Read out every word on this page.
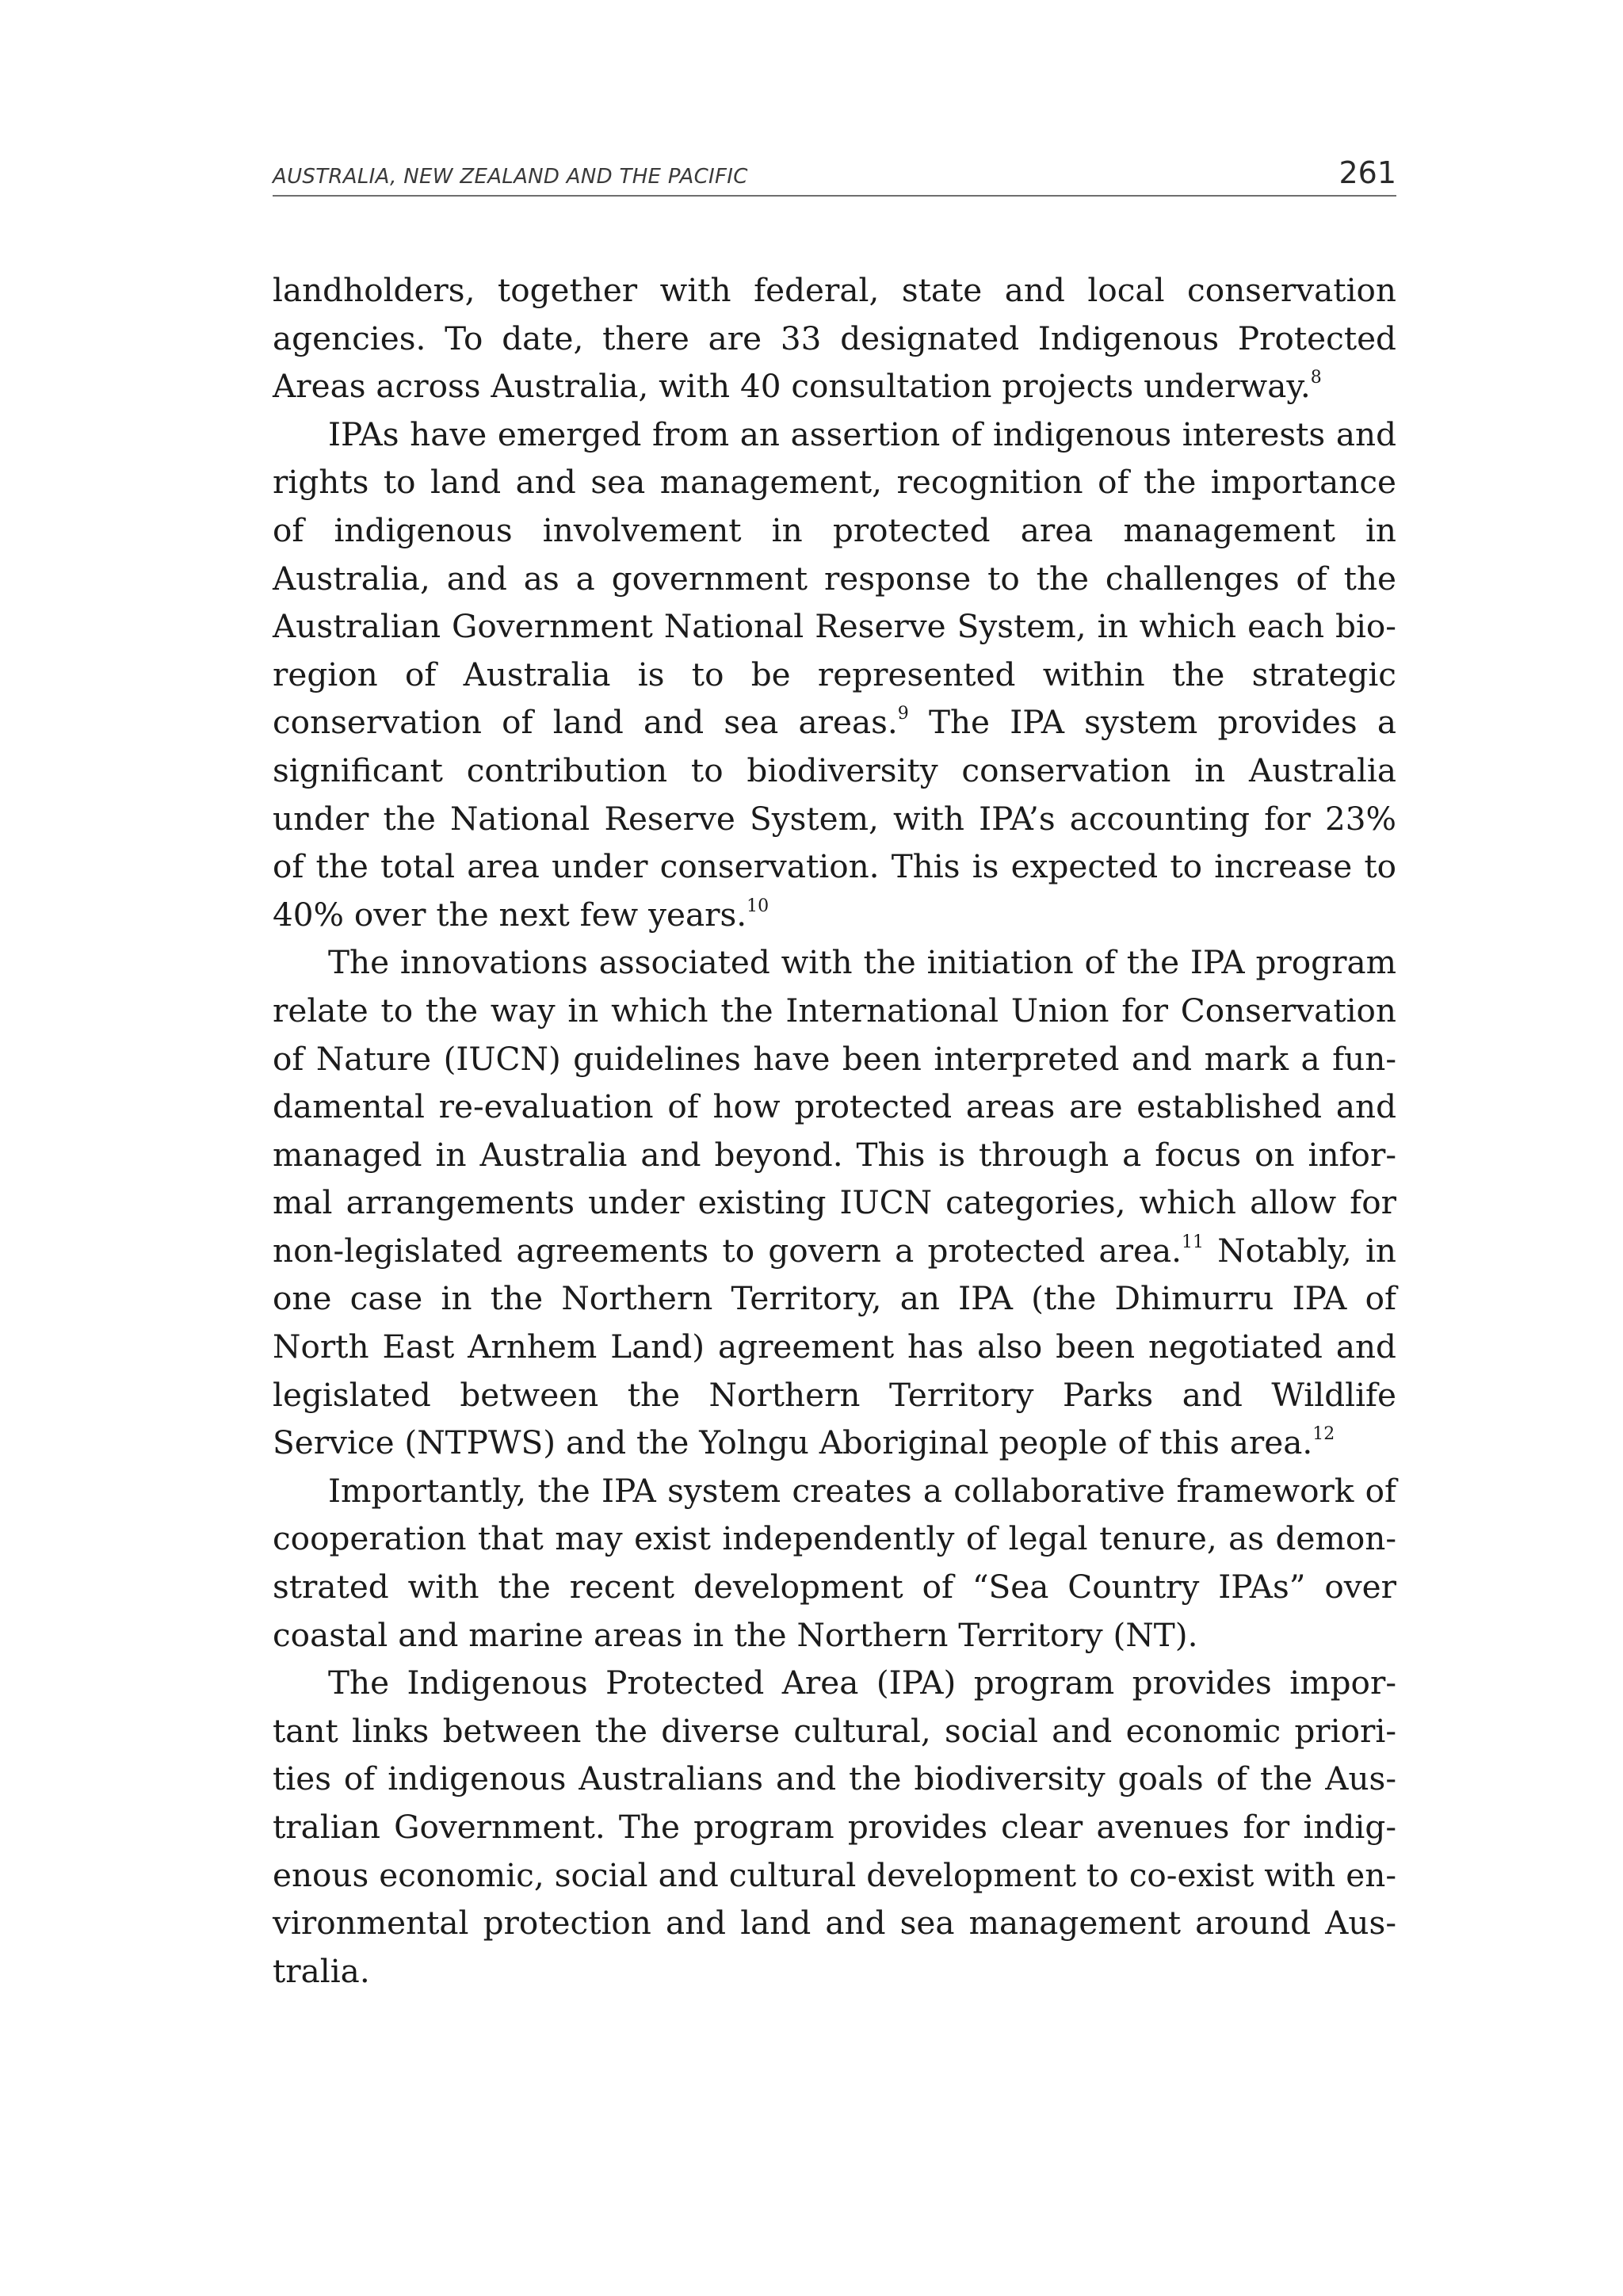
AUSTRALIA, NEW ZEALAND AND THE PACIFIC	261

landholders, together with federal, state and local conservation agencies. To date, there are 33 designated Indigenous Protected Areas across Australia, with 40 consultation projects underway.$^8$

IPAs have emerged from an assertion of indigenous interests and rights to land and sea management, recognition of the importance of indigenous involvement in protected area management in Australia, and as a government response to the challenges of the Australian Government National Reserve System, in which each bio-region of Australia is to be represented within the strategic conservation of land and sea areas.$^9$ The IPA system provides a significant contribution to biodiversity conservation in Australia under the National Reserve System, with IPA’s accounting for 23% of the total area under conservation. This is expected to increase to 40% over the next few years.$^{10}$

The innovations associated with the initiation of the IPA program relate to the way in which the International Union for Conservation of Nature (IUCN) guidelines have been interpreted and mark a fundamental re-evaluation of how protected areas are established and managed in Australia and beyond. This is through a focus on informal arrangements under existing IUCN categories, which allow for non-legislated agreements to govern a protected area.$^{11}$ Notably, in one case in the Northern Territory, an IPA (the Dhimurru IPA of North East Arnhem Land) agreement has also been negotiated and legislated between the Northern Territory Parks and Wildlife Service (NTPWS) and the Yolngu Aboriginal people of this area.$^{12}$

Importantly, the IPA system creates a collaborative framework of cooperation that may exist independently of legal tenure, as demonstrated with the recent development of “Sea Country IPAs” over coastal and marine areas in the Northern Territory (NT).

The Indigenous Protected Area (IPA) program provides important links between the diverse cultural, social and economic priorities of indigenous Australians and the biodiversity goals of the Australian Government. The program provides clear avenues for indigenous economic, social and cultural development to co-exist with environmental protection and land and sea management around Australia.
